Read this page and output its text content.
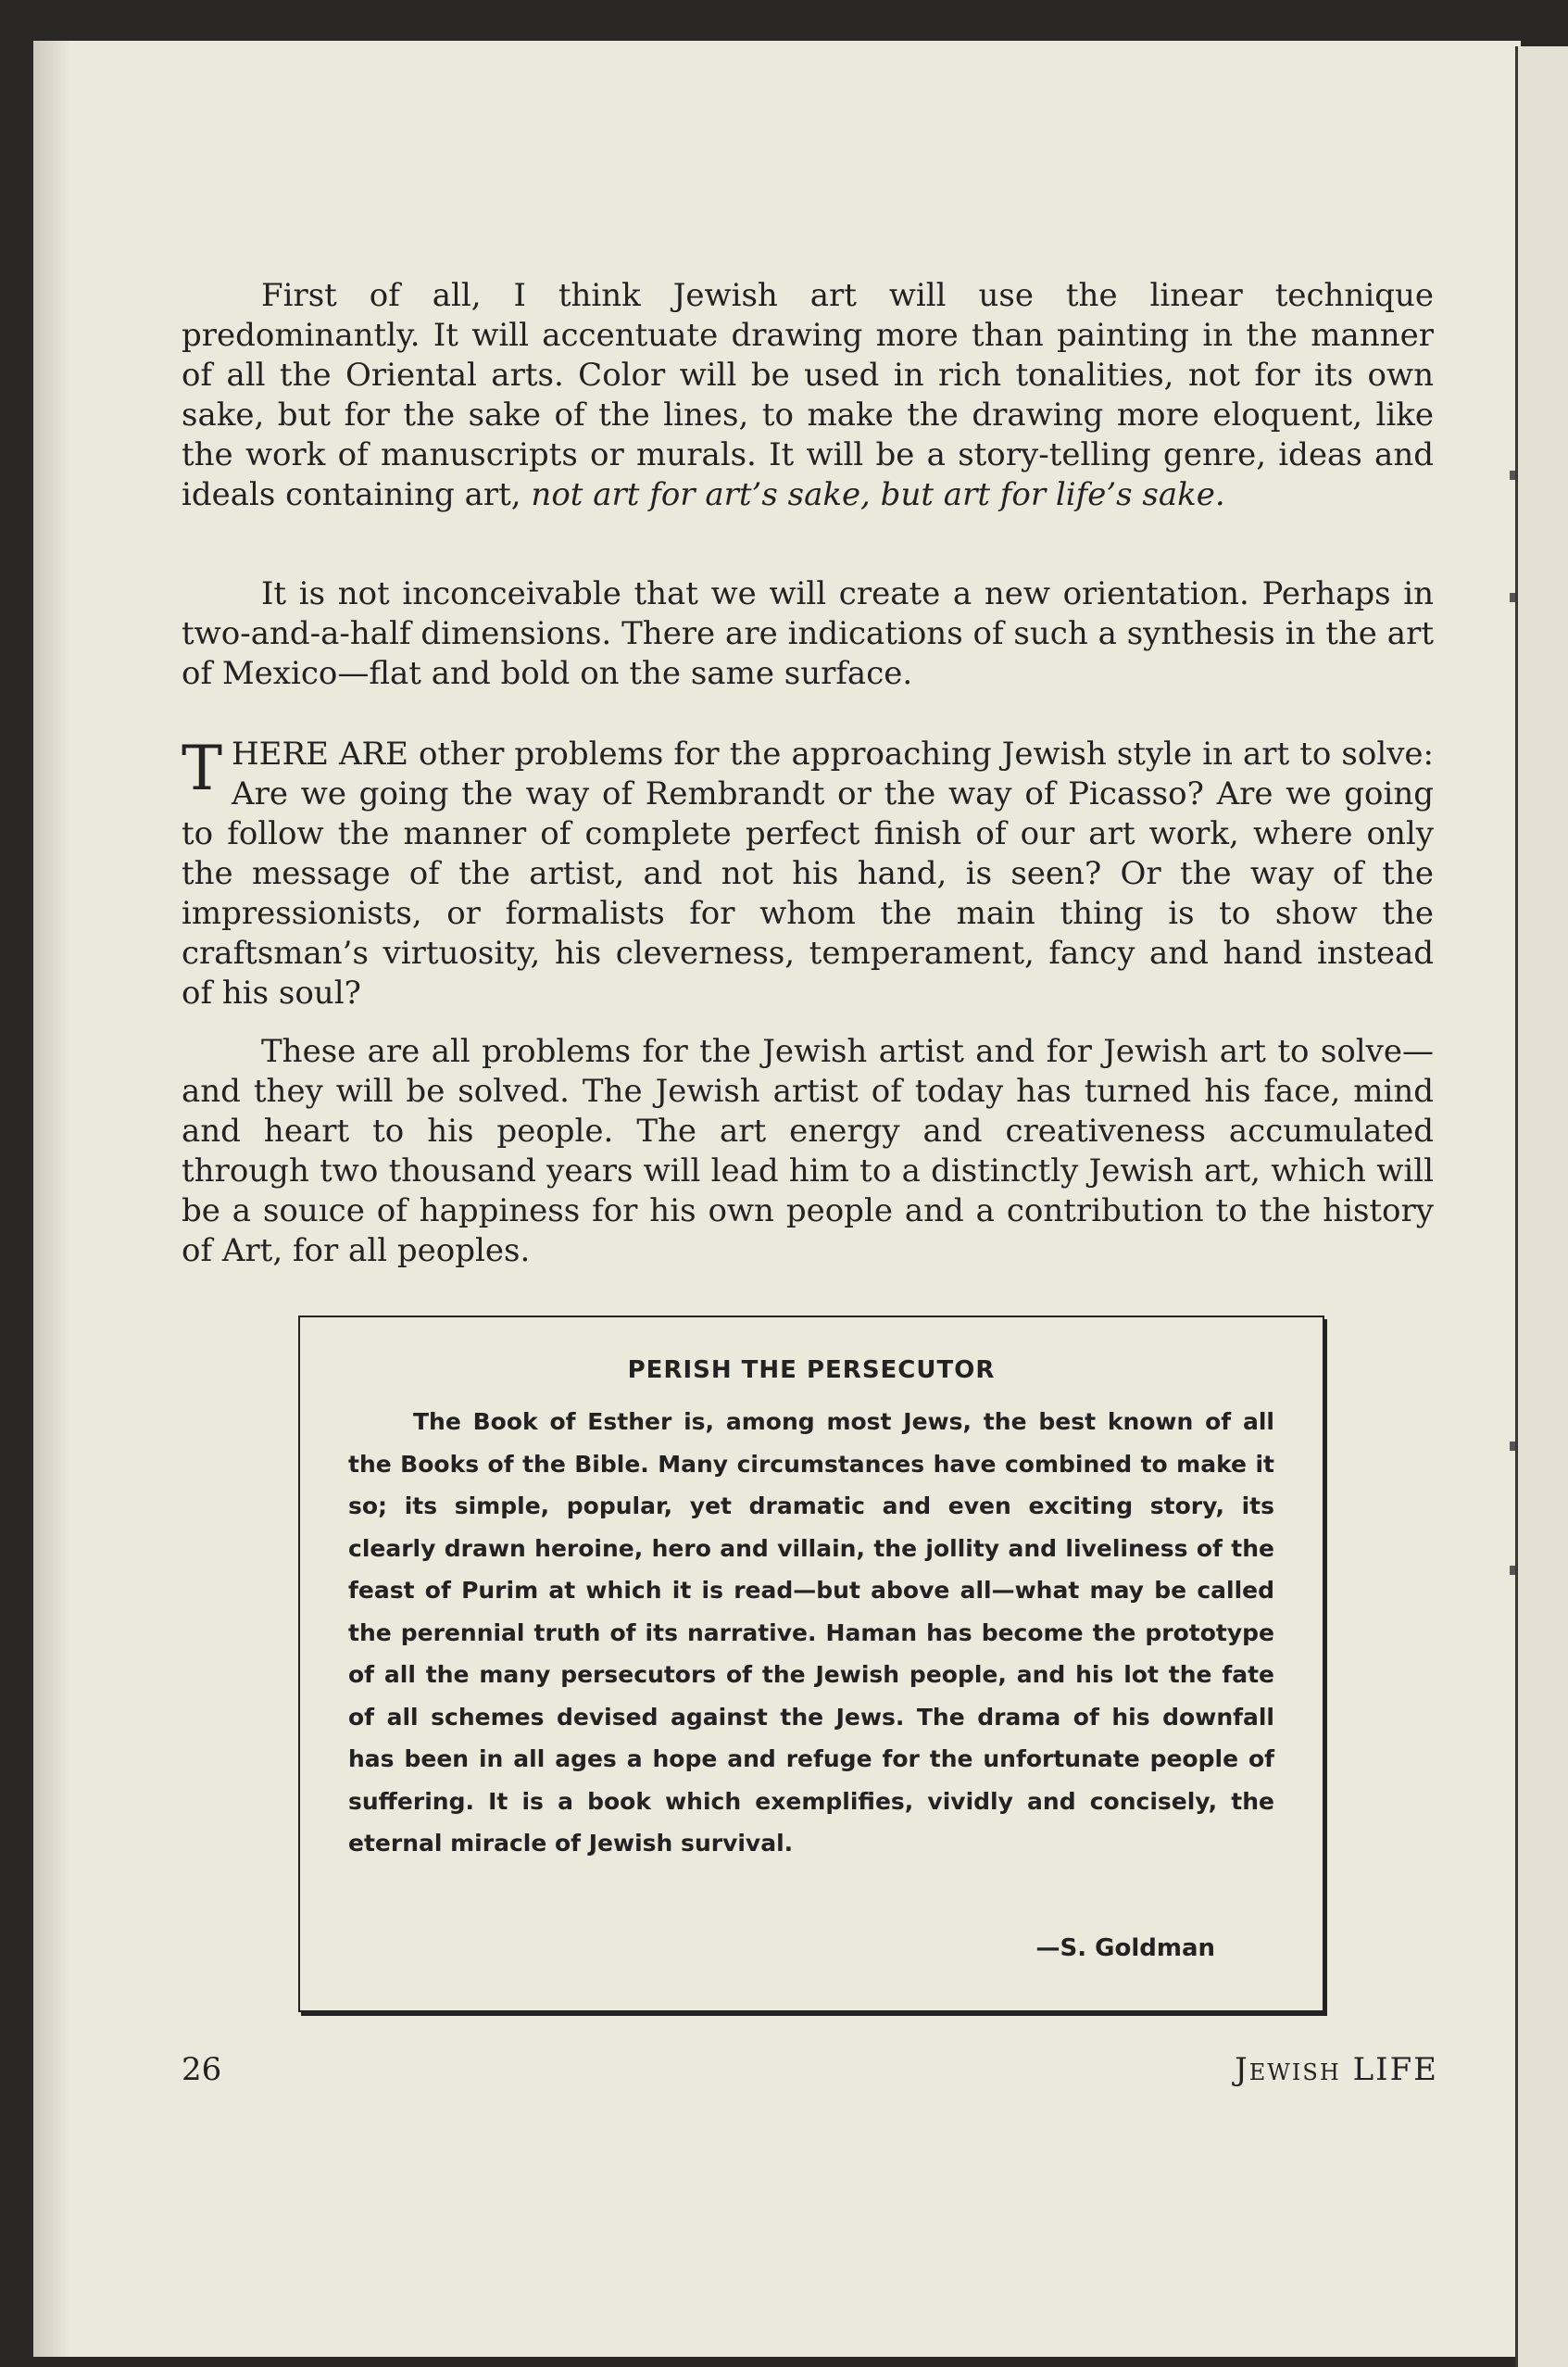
First of all, I think Jewish art will use the linear technique predominantly. It will accentuate drawing more than painting in the manner of all the Oriental arts. Color will be used in rich tonalities, not for its own sake, but for the sake of the lines, to make the drawing more eloquent, like the work of manuscripts or murals. It will be a story-telling genre, ideas and ideals containing art, not art for art’s sake, but art for life’s sake.

It is not inconceivable that we will create a new orientation. Perhaps in two-and-a-half dimensions. There are indications of such a synthesis in the art of Mexico—flat and bold on the same surface.

THERE ARE other problems for the approaching Jewish style in art to solve: Are we going the way of Rembrandt or the way of Picasso? Are we going to follow the manner of complete perfect finish of our art work, where only the message of the artist, and not his hand, is seen? Or the way of the impressionists, or formalists for whom the main thing is to show the craftsman’s virtuosity, his cleverness, temperament, fancy and hand instead of his soul?

These are all problems for the Jewish artist and for Jewish art to solve—and they will be solved. The Jewish artist of today has turned his face, mind and heart to his people. The art energy and creativeness accumulated through two thousand years will lead him to a distinctly Jewish art, which will be a souıce of happiness for his own people and a contribution to the history of Art, for all peoples.

PERISH THE PERSECUTOR
The Book of Esther is, among most Jews, the best known of all the Books of the Bible. Many circumstances have combined to make it so; its simple, popular, yet dramatic and even exciting story, its clearly drawn heroine, hero and villain, the jollity and liveliness of the feast of Purim at which it is read—but above all—what may be called the perennial truth of its narrative. Haman has become the prototype of all the many persecutors of the Jewish people, and his lot the fate of all schemes devised against the Jews. The drama of his downfall has been in all ages a hope and refuge for the unfortunate people of suffering. It is a book which exemplifies, vividly and concisely, the eternal miracle of Jewish survival.
—S. Goldman
26	Jewish LIFE
